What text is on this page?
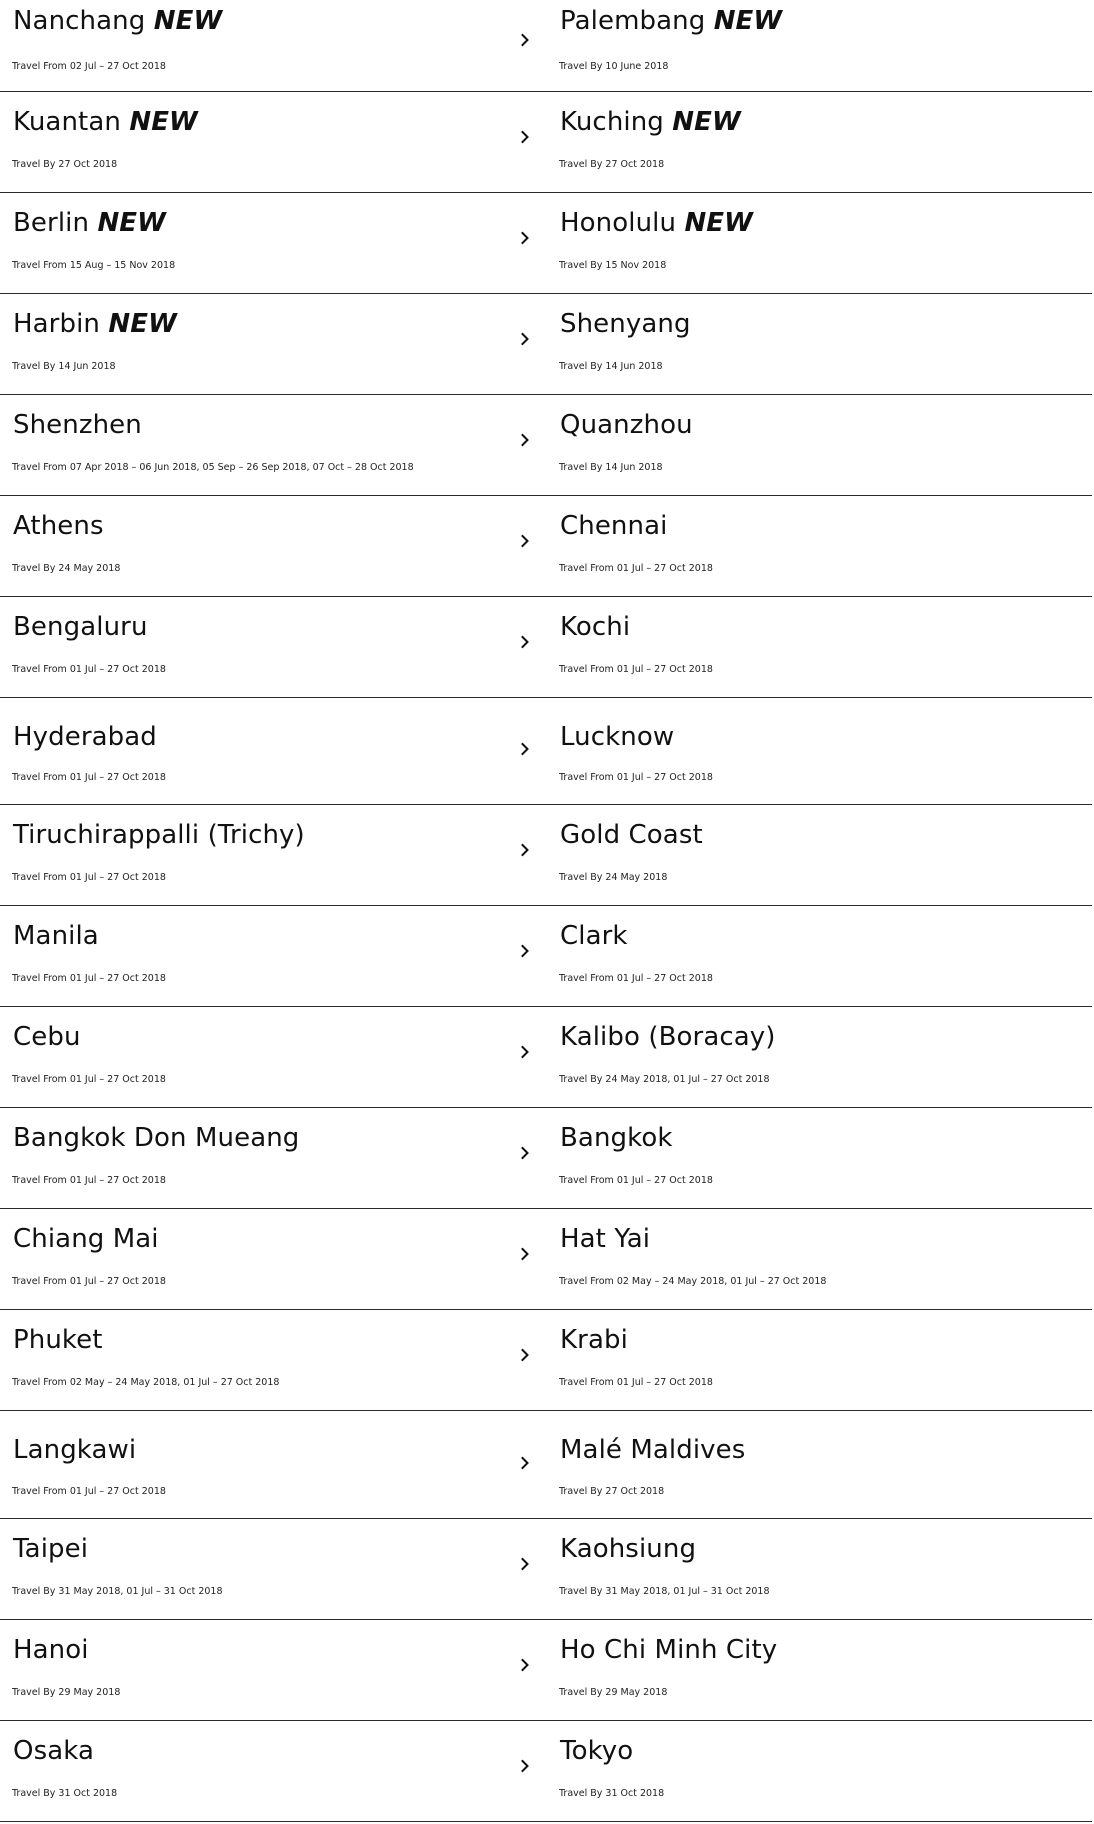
Nanchang NEW
Travel From 02 Jul – 27 Oct 2018
Palembang NEW
Travel By 10 June 2018
Kuantan NEW
Travel By 27 Oct 2018
Kuching NEW
Travel By 27 Oct 2018
Berlin NEW
Travel From 15 Aug – 15 Nov 2018
Honolulu NEW
Travel By 15 Nov 2018
Harbin NEW
Travel By 14 Jun 2018
Shenyang
Travel By 14 Jun 2018
Shenzhen
Travel From 07 Apr 2018 – 06 Jun 2018, 05 Sep – 26 Sep 2018, 07 Oct – 28 Oct 2018
Quanzhou
Travel By 14 Jun 2018
Athens
Travel By 24 May 2018
Chennai
Travel From 01 Jul – 27 Oct 2018
Bengaluru
Travel From 01 Jul – 27 Oct 2018
Kochi
Travel From 01 Jul – 27 Oct 2018
Hyderabad
Travel From 01 Jul – 27 Oct 2018
Lucknow
Travel From 01 Jul – 27 Oct 2018
Tiruchirappalli (Trichy)
Travel From 01 Jul – 27 Oct 2018
Gold Coast
Travel By 24 May 2018
Manila
Travel From 01 Jul – 27 Oct 2018
Clark
Travel From 01 Jul – 27 Oct 2018
Cebu
Travel From 01 Jul – 27 Oct 2018
Kalibo (Boracay)
Travel By 24 May 2018, 01 Jul – 27 Oct 2018
Bangkok Don Mueang
Travel From 01 Jul – 27 Oct 2018
Bangkok
Travel From 01 Jul – 27 Oct 2018
Chiang Mai
Travel From 01 Jul – 27 Oct 2018
Hat Yai
Travel From 02 May – 24 May 2018, 01 Jul – 27 Oct 2018
Phuket
Travel From 02 May – 24 May 2018, 01 Jul – 27 Oct 2018
Krabi
Travel From 01 Jul – 27 Oct 2018
Langkawi
Travel From 01 Jul – 27 Oct 2018
Malé Maldives
Travel By 27 Oct 2018
Taipei
Travel By 31 May 2018, 01 Jul – 31 Oct 2018
Kaohsiung
Travel By 31 May 2018, 01 Jul – 31 Oct 2018
Hanoi
Travel By 29 May 2018
Ho Chi Minh City
Travel By 29 May 2018
Osaka
Travel By 31 Oct 2018
Tokyo
Travel By 31 Oct 2018
